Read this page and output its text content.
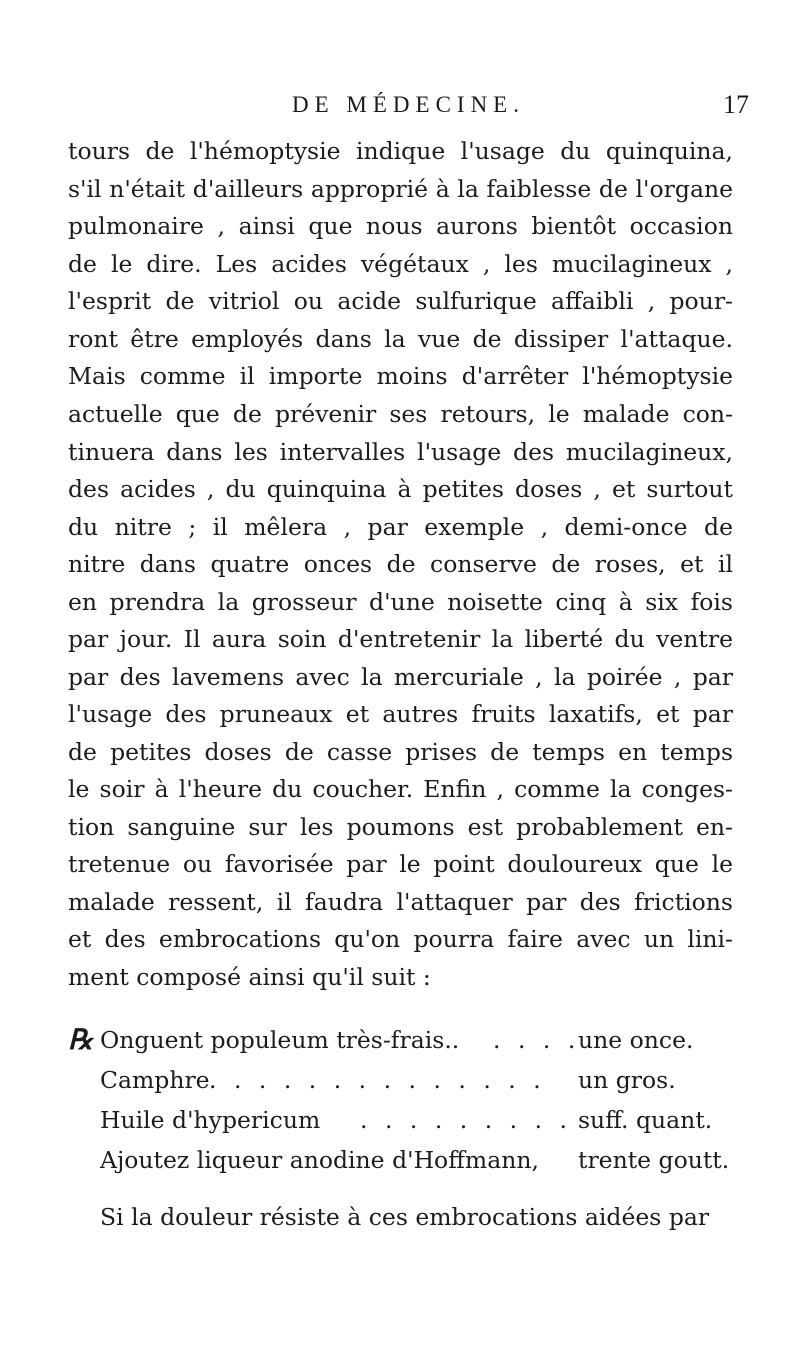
DE MÉDECINE.	17
tours de l'hémoptysie indique l'usage du quinquina,
s'il n'était d'ailleurs approprié à la faiblesse de l'organe
pulmonaire , ainsi que nous aurons bientôt occasion
de le dire. Les acides végétaux , les mucilagineux ,
l'esprit de vitriol ou acide sulfurique affaibli , pour-
ront être employés dans la vue de dissiper l'attaque.
Mais comme il importe moins d'arrêter l'hémoptysie
actuelle que de prévenir ses retours, le malade con-
tinuera dans les intervalles l'usage des mucilagineux,
des acides , du quinquina à petites doses , et surtout
du nitre ; il mêlera , par exemple , demi-once de
nitre dans quatre onces de conserve de roses, et il
en prendra la grosseur d'une noisette cinq à six fois
par jour. Il aura soin d'entretenir la liberté du ventre
par des lavemens avec la mercuriale , la poirée , par
l'usage des pruneaux et autres fruits laxatifs, et par
de petites doses de casse prises de temps en temps
le soir à l'heure du coucher. Enfin , comme la conges-
tion sanguine sur les poumons est probablement en-
tretenue ou favorisée par le point douloureux que le
malade ressent, il faudra l'attaquer par des frictions
et des embrocations qu'on pourra faire avec un lini-
ment composé ainsi qu'il suit :
℞ Onguent populeum très-frais.. . . . .
une once.
Camphre . . . . . . . . . . . . . . un gros.
Huile d'hypericum . . . . . . . . . suff. quant.
Ajoutez liqueur anodine d'Hoffmann, trente goutt.
Si la douleur résiste à ces embrocations aidées par
